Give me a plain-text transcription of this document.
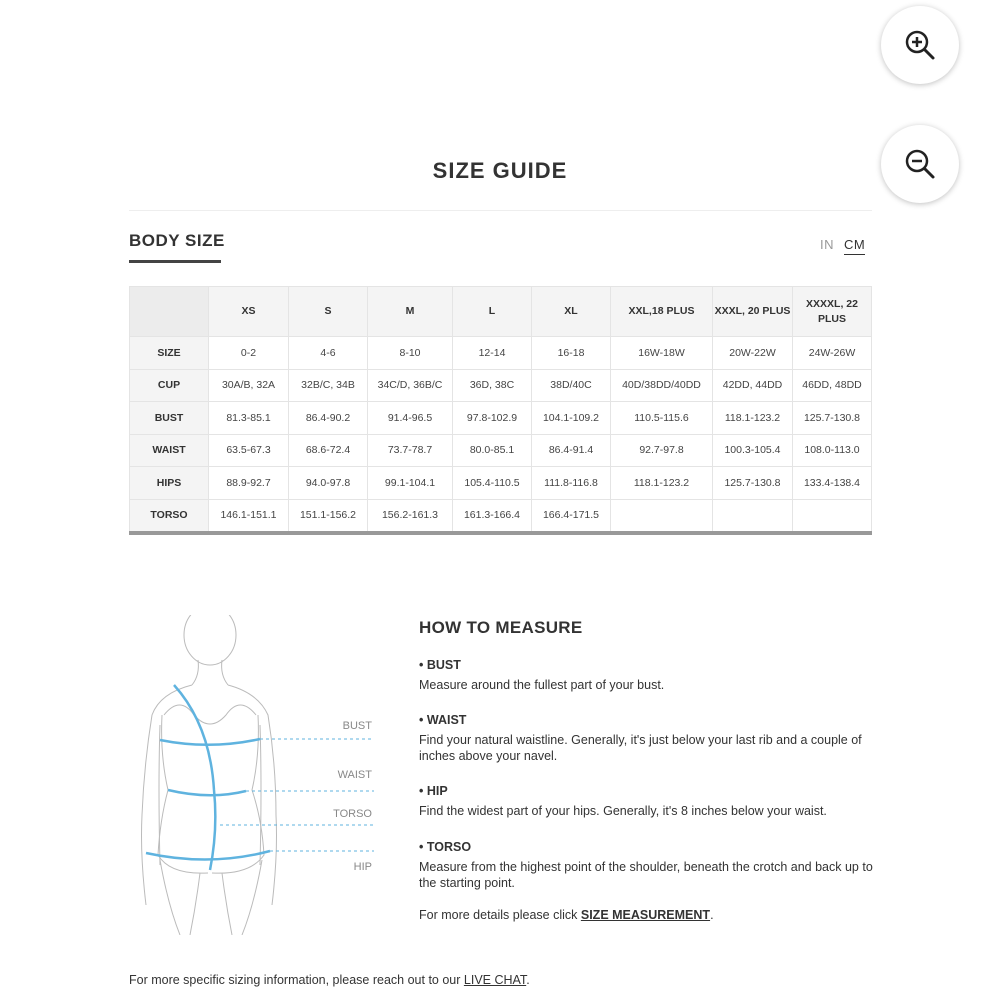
SIZE GUIDE
BODY SIZE	IN CM
	XS	S	M	L	XL	XXL,18 PLUS	XXXL, 20 PLUS	XXXXL, 22 PLUS
SIZE	0-2	4-6	8-10	12-14	16-18	16W-18W	20W-22W	24W-26W
CUP	30A/B, 32A	32B/C, 34B	34C/D, 36B/C	36D, 38C	38D/40C	40D/38DD/40DD	42DD, 44DD	46DD, 48DD
BUST	81.3-85.1	86.4-90.2	91.4-96.5	97.8-102.9	104.1-109.2	110.5-115.6	118.1-123.2	125.7-130.8
WAIST	63.5-67.3	68.6-72.4	73.7-78.7	80.0-85.1	86.4-91.4	92.7-97.8	100.3-105.4	108.0-113.0
HIPS	88.9-92.7	94.0-97.8	99.1-104.1	105.4-110.5	111.8-116.8	118.1-123.2	125.7-130.8	133.4-138.4
TORSO	146.1-151.1	151.1-156.2	156.2-161.3	161.3-166.4	166.4-171.5			
BUST
WAIST
TORSO
HIP
HOW TO MEASURE
• BUST
Measure around the fullest part of your bust.
• WAIST
Find your natural waistline. Generally, it's just below your last rib and a couple of inches above your navel.
• HIP
Find the widest part of your hips. Generally, it's 8 inches below your waist.
• TORSO
Measure from the highest point of the shoulder, beneath the crotch and back up to the starting point.
For more details please click SIZE MEASUREMENT.
For more specific sizing information, please reach out to our LIVE CHAT.
